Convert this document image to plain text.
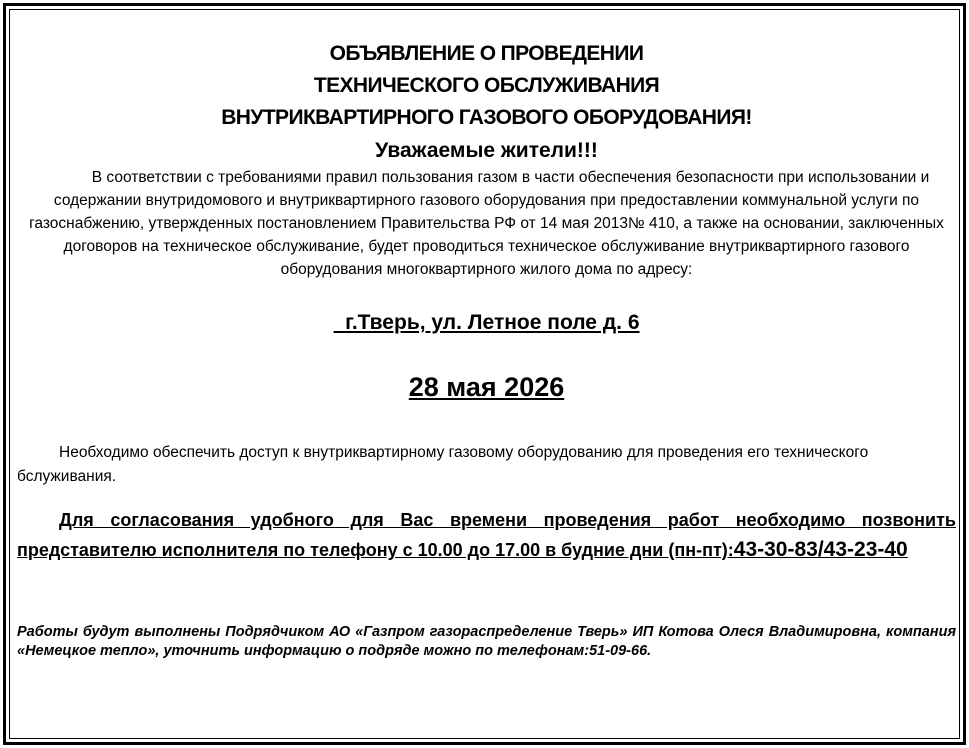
ОБЪЯВЛЕНИЕ О ПРОВЕДЕНИИ
ТЕХНИЧЕСКОГО ОБСЛУЖИВАНИЯ
ВНУТРИКВАРТИРНОГО ГАЗОВОГО ОБОРУДОВАНИЯ!
Уважаемые жители!!!
В соответствии с требованиями правил пользования газом в части обеспечения безопасности при использовании и содержании внутридомового и внутриквартирного газового оборудования при предоставлении коммунальной услуги по газоснабжению, утвержденных постановлением Правительства РФ от 14 мая 2013№ 410, а также на основании, заключенных договоров на техническое обслуживание, будет проводиться техническое обслуживание внутриквартирного газового оборудования многоквартирного жилого дома по адресу:
г.Тверь, ул. Летное поле д. 6
28 мая 2026
Необходимо обеспечить доступ к внутриквартирному газовому оборудованию для проведения его технического бслуживания.
Для согласования удобного для Вас времени проведения работ необходимо позвонить представителю исполнителя по телефону с 10.00 до 17.00 в будние дни (пн-пт):43-30-83/43-23-40
Работы будут выполнены Подрядчиком АО «Газпром газораспределение Тверь» ИП Котова Олеся Владимировна, компания «Немецкое тепло», уточнить информацию о подряде можно по телефонам:51-09-66.
